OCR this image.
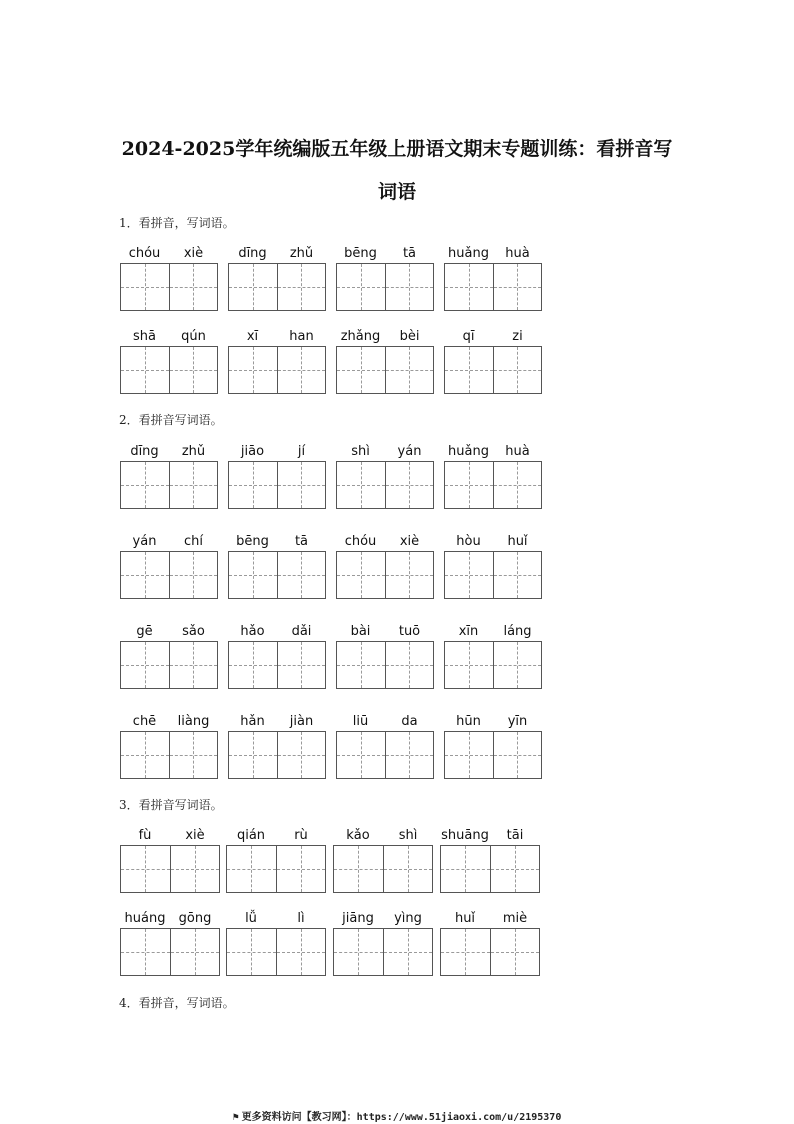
2024-2025学年统编版五年级上册语文期末专题训练：看拼音写
词语
1．看拼音，写词语。
chóu	xiè	dīng	zhǔ	bēng	tā	huǎng	huà
shā	qún	xī	han	zhǎng	bèi	qī	zi
2．看拼音写词语。
dīng	zhǔ	jiāo	jí	shì	yán	huǎng	huà
yán	chí	bēng	tā	chóu	xiè	hòu	huǐ
gē	sǎo	hǎo	dǎi	bài	tuō	xīn	láng
chē	liàng	hǎn	jiàn	liū	da	hūn	yīn
3．看拼音写词语。
fù	xiè	qián	rù	kǎo	shì	shuāng	tāi
huáng	gōng	lǚ	lì	jiāng	yìng	huǐ	miè
4．看拼音，写词语。
⚑ 更多资料访问【教习网】：https://www.51jiaoxi.com/u/2195370
